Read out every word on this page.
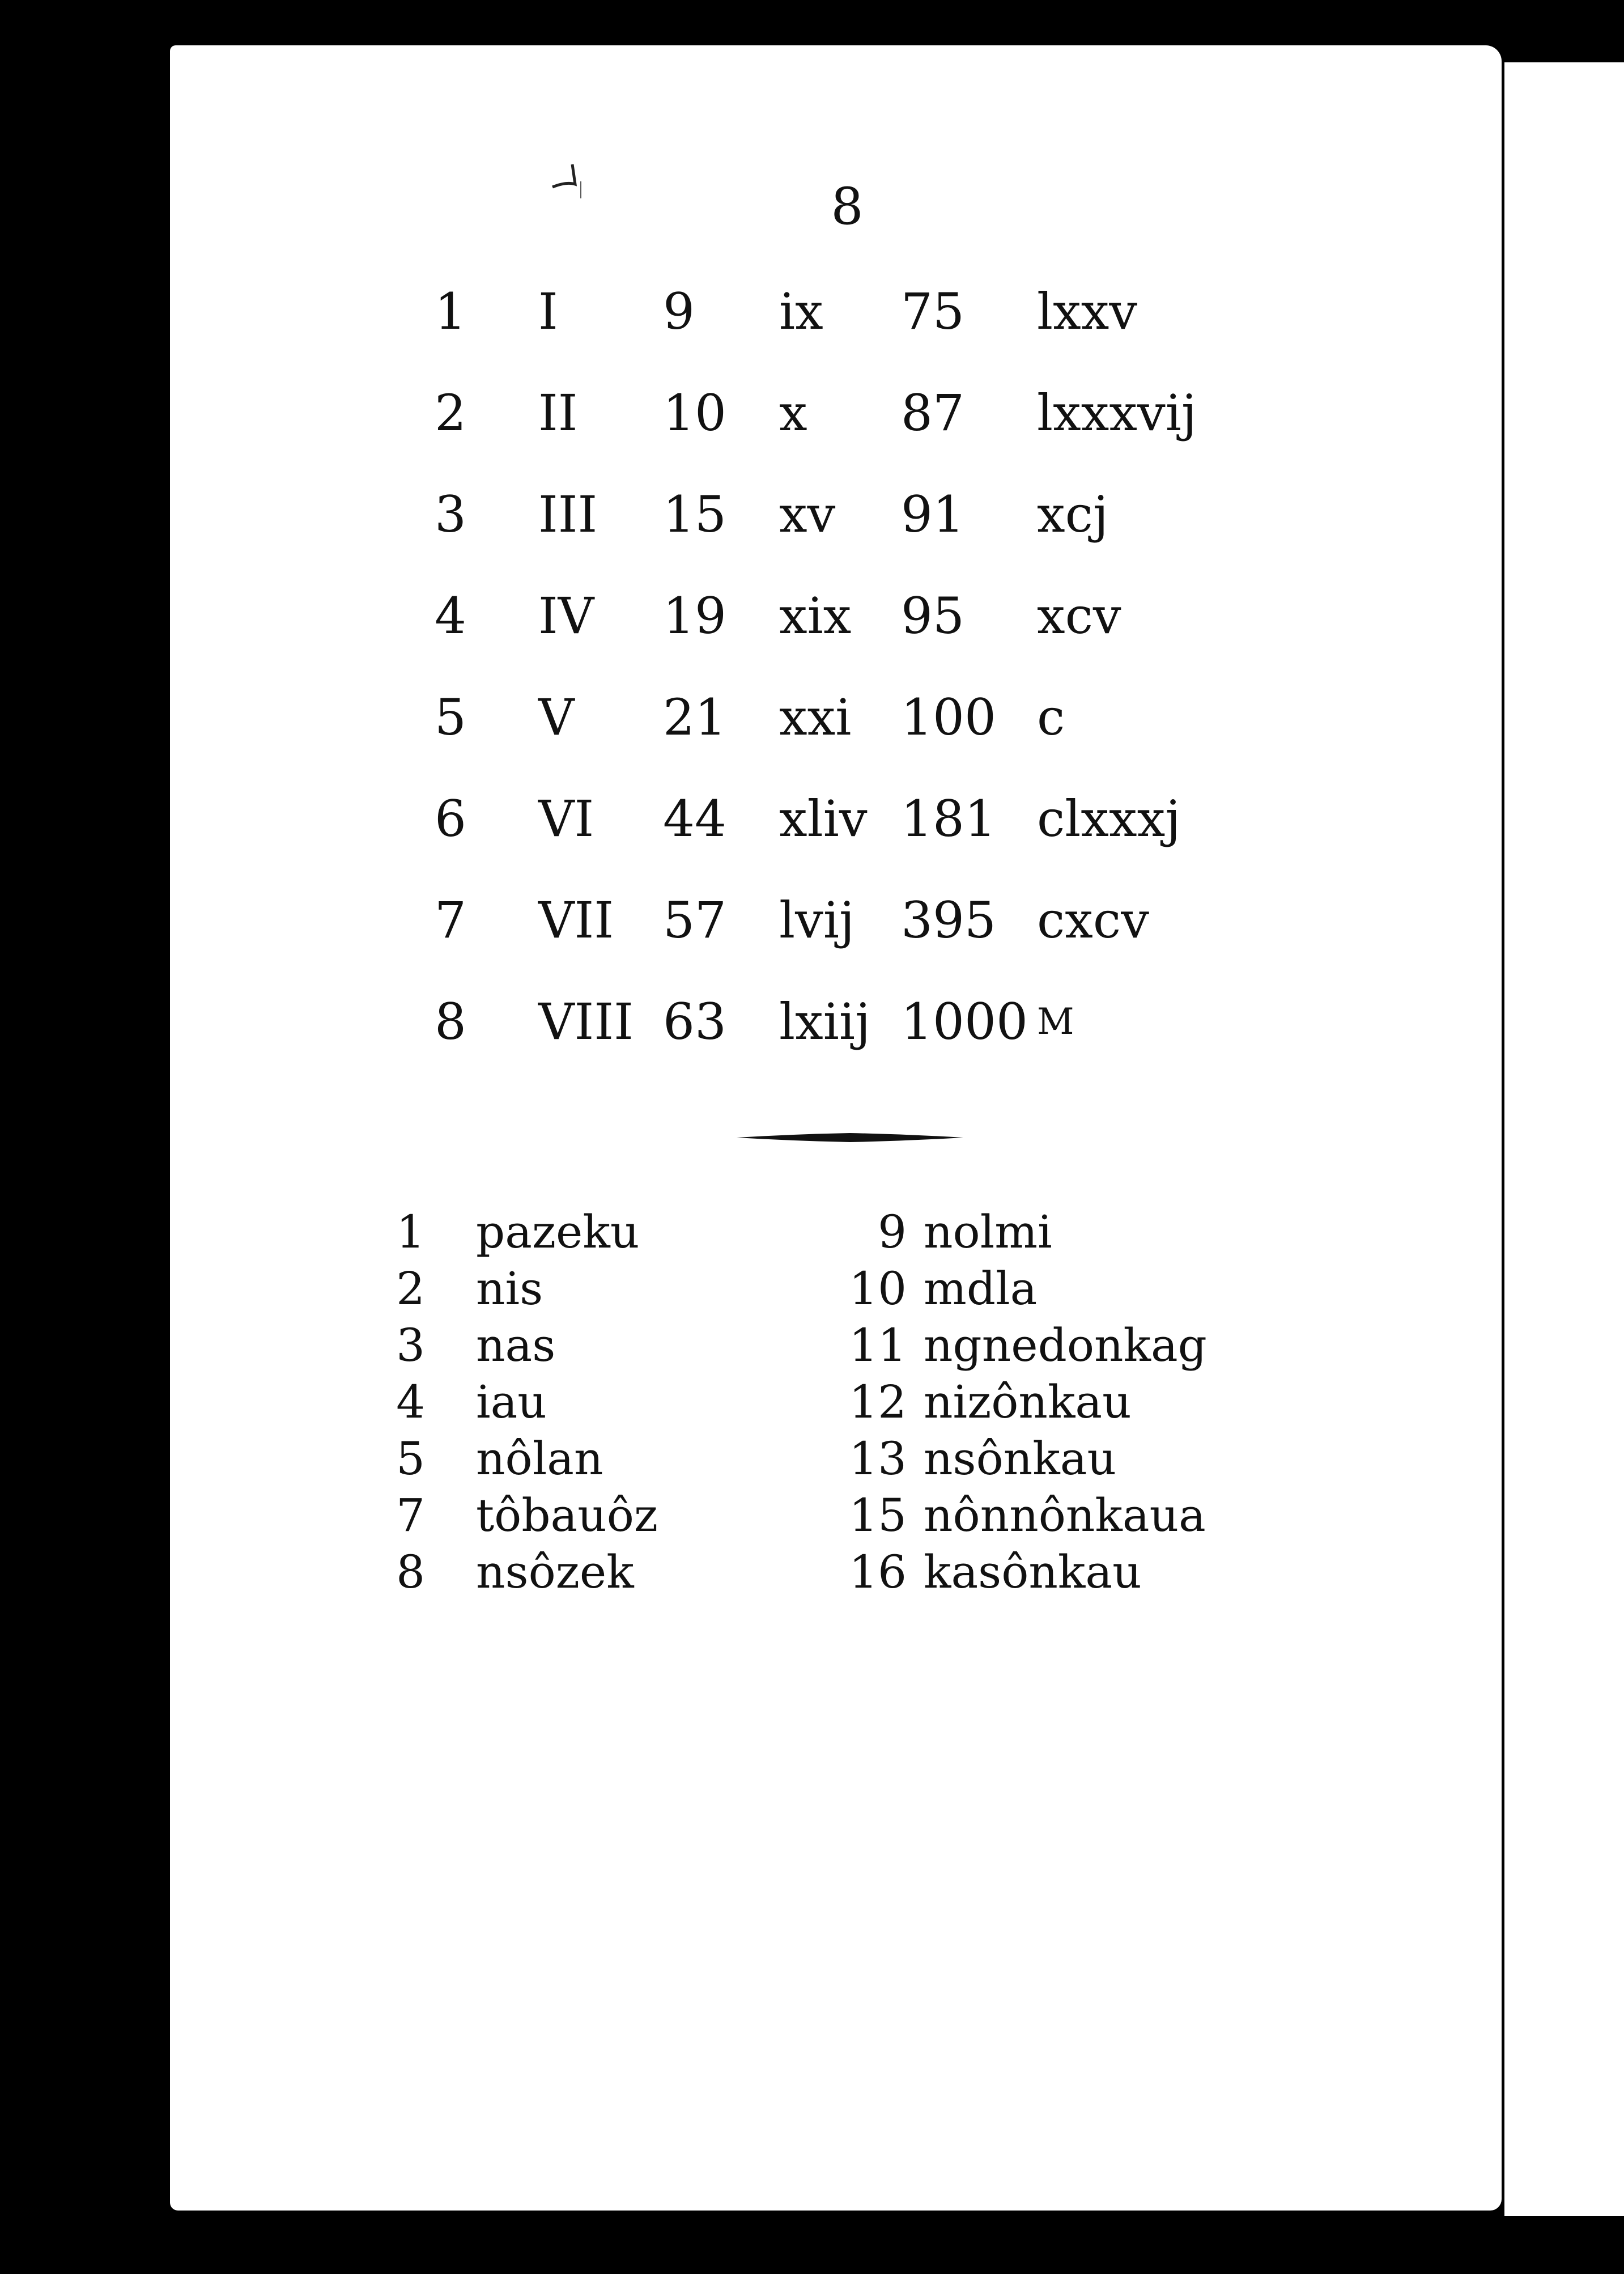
8
1 I 9 ix 75 lxxv
2 II 10 x 87 lxxxvij
3 III 15 xv 91 xcj
4 IV 19 xix 95 xcv
5 V 21 xxi 100 c
6 VI 44 xliv 181 clxxxj
7 VII 57 lvij 395 cxcv
8 VIII 63 lxiij 1000 M
1 pazeku	9 nolmi
2 nis	10 mdla
3 nas	11 ngnedonkag
4 iau	12 nizônkau
5 nôlan	13 nsônkau
7 tôbauôz	15 nônnônkaua
8 nsôzek	16 kasônkau
